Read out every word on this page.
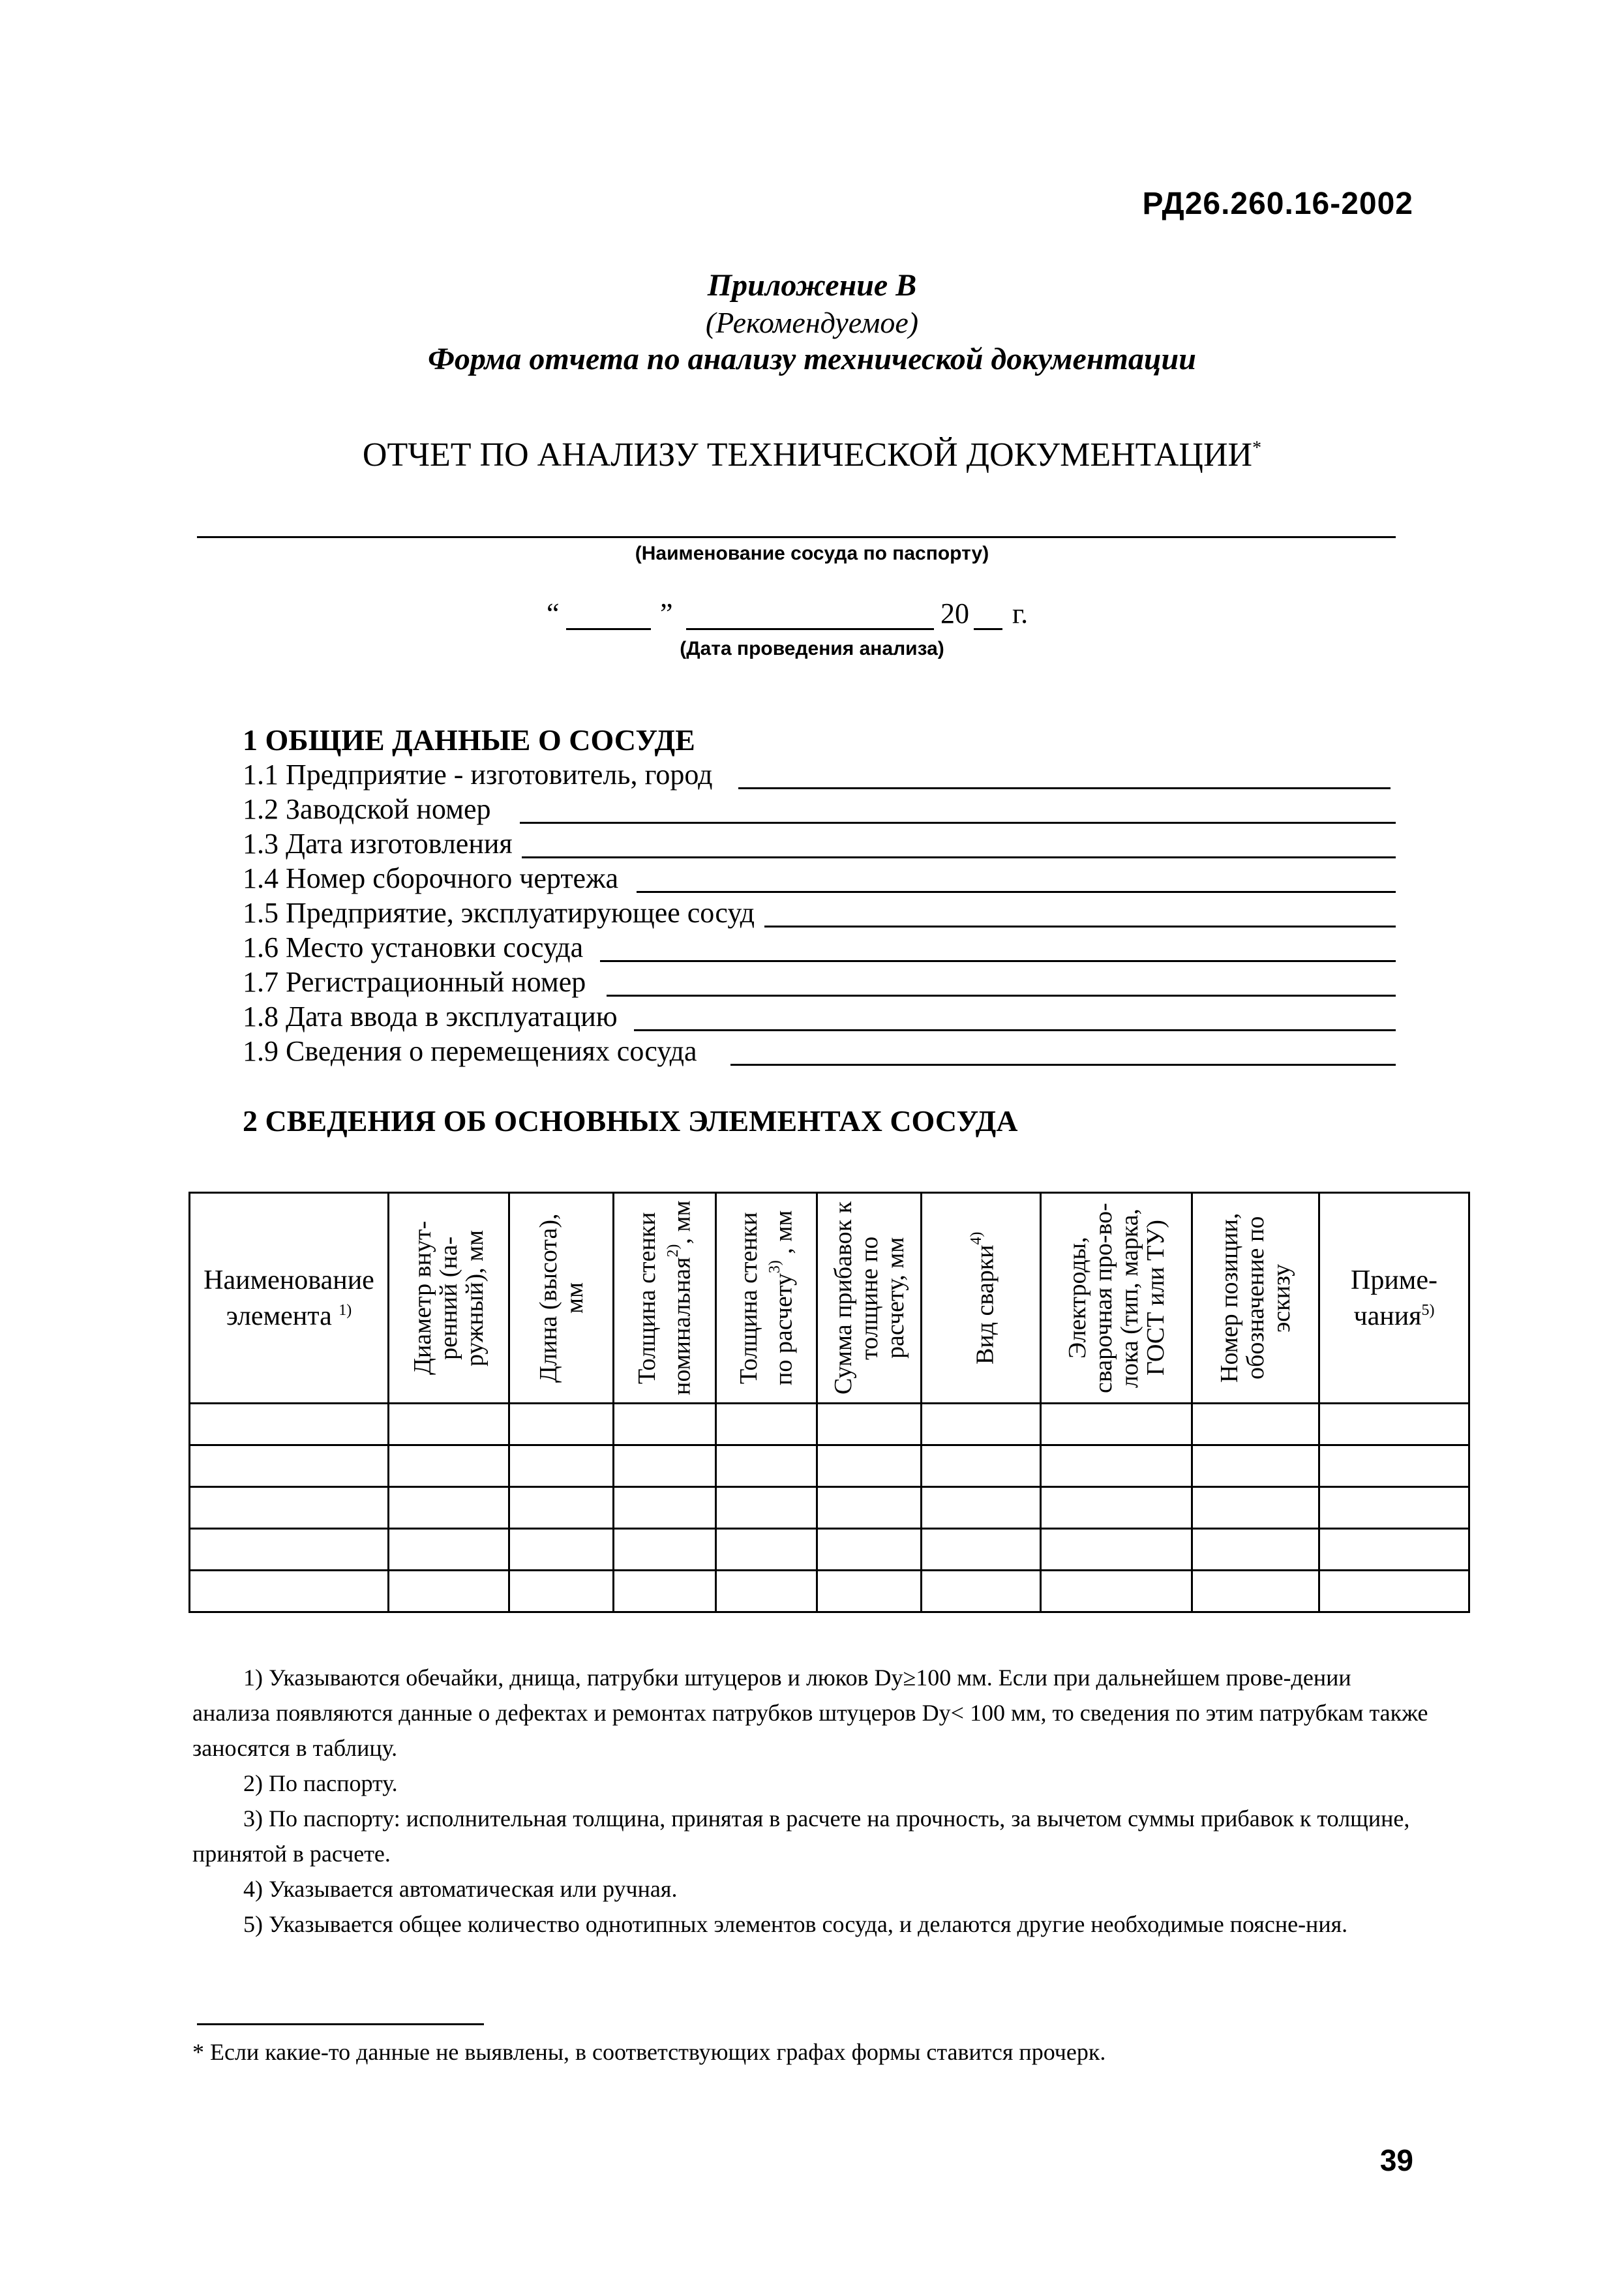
РД26.260.16-2002
Приложение В
(Рекомендуемое)
Форма отчета по анализу технической документации
ОТЧЕТ ПО АНАЛИЗУ ТЕХНИЧЕСКОЙ ДОКУМЕНТАЦИИ*
(Наименование сосуда по паспорту)
“	”	20 г.
(Дата проведения анализа)
1 ОБЩИЕ ДАННЫЕ О СОСУДЕ
1.1 Предприятие - изготовитель, город
1.2 Заводской номер
1.3 Дата изготовления
1.4 Номер сборочного чертежа
1.5 Предприятие, эксплуатирующее сосуд
1.6 Место установки сосуда
1.7 Регистрационный номер
1.8 Дата ввода в эксплуатацию
1.9 Сведения о перемещениях сосуда
2 СВЕДЕНИЯ ОБ ОСНОВНЫХ ЭЛЕМЕНТАХ СОСУДА
Наименование элемента $^{1)}$	Диаметр внут-ренний (на-ружный), мм	Длина (высота), мм	Толщина стенки номинальная$^{2)}$, мм	Толщина стенки по расчету$^{3)}$ , мм	Сумма прибавок к толщине по расчету, мм	Вид сварки$^{4)}$	Электроды, сварочная про-во-лока (тип, марка, ГОСТ или ТУ)	Номер позиции, обозначение по эскизу	Приме-чания$^{5)}$

1) Указываются обечайки, днища, патрубки штуцеров и люков Dу≥100 мм. Если при дальнейшем прове-дении анализа появляются данные о дефектах и ремонтах патрубков штуцеров Dу< 100 мм, то сведения по этим патрубкам также заносятся в таблицу.
2) По паспорту.
3) По паспорту: исполнительная толщина, принятая в расчете на прочность, за вычетом суммы прибавок к толщине, принятой в расчете.
4) Указывается автоматическая или ручная.
5) Указывается общее количество однотипных элементов сосуда, и делаются другие необходимые поясне-ния.
* Если какие-то данные не выявлены, в соответствующих графах формы ставится прочерк.
39
